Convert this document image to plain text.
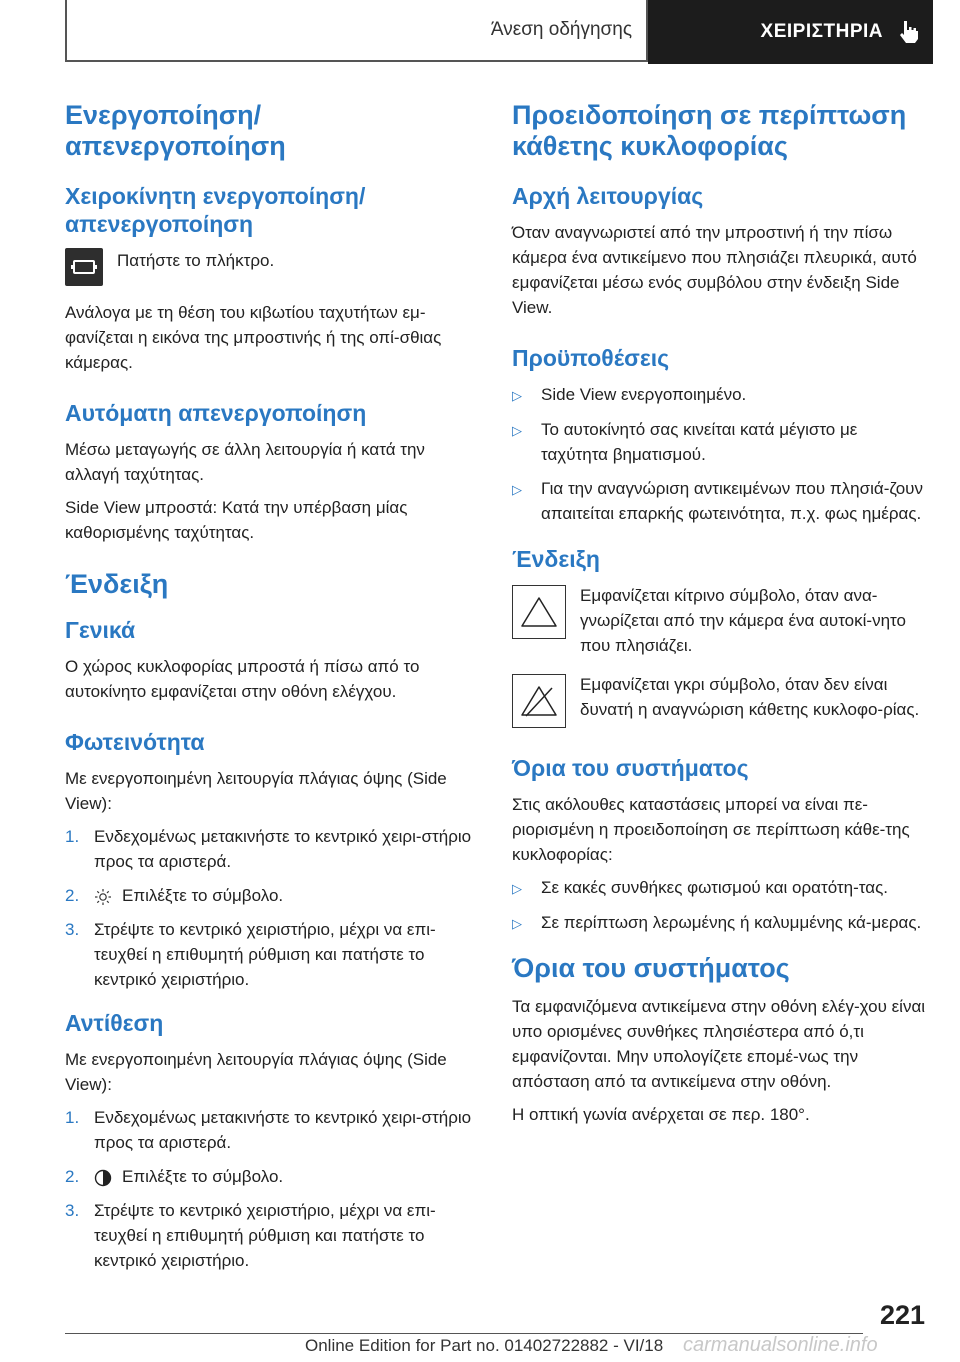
Άνεση οδήγησης	ΧΕΙΡΙΣΤΗΡΙΑ
Ενεργοποίηση/απενεργοποίηση
Χειροκίνητη ενεργοποίηση/απενεργοποίηση
Πατήστε το πλήκτρο.
Ανάλογα με τη θέση του κιβωτίου ταχυτήτων εμ-φανίζεται η εικόνα της μπροστινής ή της οπί-σθιας κάμερας.
Αυτόματη απενεργοποίηση
Μέσω μεταγωγής σε άλλη λειτουργία ή κατά την αλλαγή ταχύτητας.
Side View μπροστά: Κατά την υπέρβαση μίας καθορισμένης ταχύτητας.
Ένδειξη
Γενικά
Ο χώρος κυκλοφορίας μπροστά ή πίσω από το αυτοκίνητο εμφανίζεται στην οθόνη ελέγχου.
Φωτεινότητα
Με ενεργοποιημένη λειτουργία πλάγιας όψης (Side View):
1. Ενδεχομένως μετακινήστε το κεντρικό χειρι-στήριο προς τα αριστερά.
2.	Επιλέξτε το σύμβολο.
3. Στρέψτε το κεντρικό χειριστήριο, μέχρι να επι-τευχθεί η επιθυμητή ρύθμιση και πατήστε το κεντρικό χειριστήριο.
Αντίθεση
Με ενεργοποιημένη λειτουργία πλάγιας όψης (Side View):
1. Ενδεχομένως μετακινήστε το κεντρικό χειρι-στήριο προς τα αριστερά.
2.	Επιλέξτε το σύμβολο.
3. Στρέψτε το κεντρικό χειριστήριο, μέχρι να επι-τευχθεί η επιθυμητή ρύθμιση και πατήστε το κεντρικό χειριστήριο.
Προειδοποίηση σε περίπτωση κάθετης κυκλοφορίας
Αρχή λειτουργίας
Όταν αναγνωριστεί από την μπροστινή ή την πίσω κάμερα ένα αντικείμενο που πλησιάζει πλευρικά, αυτό εμφανίζεται μέσω ενός συμβόλου στην ένδειξη Side View.
Προϋποθέσεις
▷	Side View ενεργοποιημένο.
▷	Το αυτοκίνητό σας κινείται κατά μέγιστο με ταχύτητα βηματισμού.
▷	Για την αναγνώριση αντικειμένων που πλησιά-ζουν απαιτείται επαρκής φωτεινότητα, π.χ. φως ημέρας.
Ένδειξη
Εμφανίζεται κίτρινο σύμβολο, όταν ανα-γνωρίζεται από την κάμερα ένα αυτοκί-νητο που πλησιάζει.
Εμφανίζεται γκρι σύμβολο, όταν δεν είναι δυνατή η αναγνώριση κάθετης κυκλοφο-ρίας.
Όρια του συστήματος
Στις ακόλουθες καταστάσεις μπορεί να είναι πε-ριορισμένη η προειδοποίηση σε περίπτωση κάθε-της κυκλοφορίας:
▷	Σε κακές συνθήκες φωτισμού και ορατότη-τας.
▷	Σε περίπτωση λερωμένης ή καλυμμένης κά-μερας.
Όρια του συστήματος
Τα εμφανιζόμενα αντικείμενα στην οθόνη ελέγ-χου είναι υπο ορισμένες συνθήκες πλησιέστερα από ό,τι εμφανίζονται. Μην υπολογίζετε επομέ-νως την απόσταση από τα αντικείμενα στην οθόνη.
Η οπτική γωνία ανέρχεται σε περ. 180°.
221
Online Edition for Part no. 01402722882 - VI/18 carmanualsonline.info
